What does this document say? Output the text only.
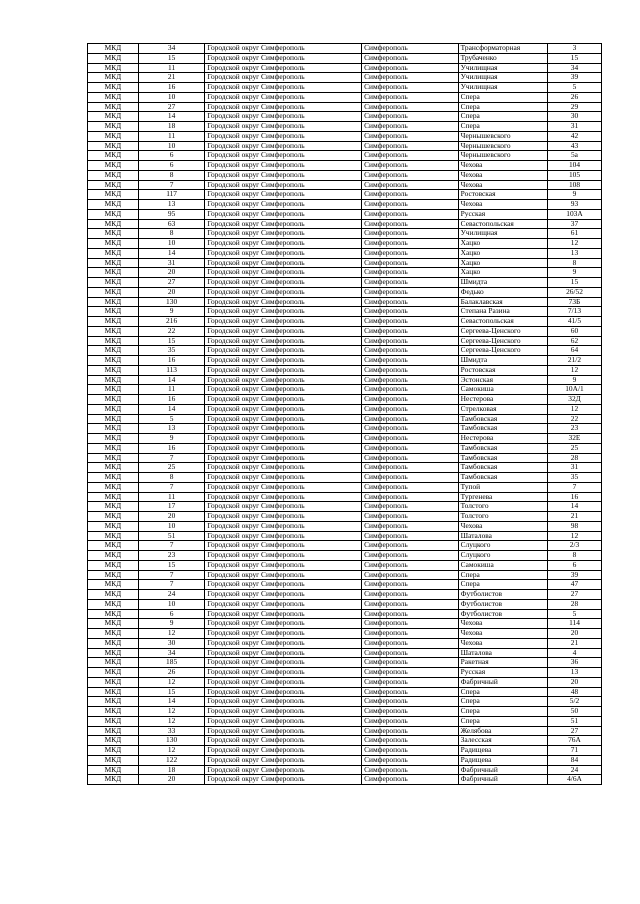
МКД	34	Городской округ Симферополь	Симферополь	Трансформаторная	3
МКД	15	Городской округ Симферополь	Симферополь	Трубаченко	15
МКД	11	Городской округ Симферополь	Симферополь	Училищная	34
МКД	21	Городской округ Симферополь	Симферополь	Училищная	39
МКД	16	Городской округ Симферополь	Симферополь	Училищная	5
МКД	10	Городской округ Симферополь	Симферополь	Спера	26
МКД	27	Городской округ Симферополь	Симферополь	Спера	29
МКД	14	Городской округ Симферополь	Симферополь	Спера	30
МКД	18	Городской округ Симферополь	Симферополь	Спера	31
МКД	11	Городской округ Симферополь	Симферополь	Чернышевского	42
МКД	10	Городской округ Симферополь	Симферополь	Чернышевского	43
МКД	6	Городской округ Симферополь	Симферополь	Чернышевского	5а
МКД	6	Городской округ Симферополь	Симферополь	Чехова	104
МКД	8	Городской округ Симферополь	Симферополь	Чехова	105
МКД	7	Городской округ Симферополь	Симферополь	Чехова	108
МКД	117	Городской округ Симферополь	Симферополь	Ростовская	9
МКД	13	Городской округ Симферополь	Симферополь	Чехова	93
МКД	95	Городской округ Симферополь	Симферополь	Русская	103А
МКД	63	Городской округ Симферополь	Симферополь	Севастопольская	37
МКД	8	Городской округ Симферополь	Симферополь	Училищная	61
МКД	10	Городской округ Симферополь	Симферополь	Хацко	12
МКД	14	Городской округ Симферополь	Симферополь	Хацко	13
МКД	31	Городской округ Симферополь	Симферополь	Хацко	8
МКД	20	Городской округ Симферополь	Симферополь	Хацко	9
МКД	27	Городской округ Симферополь	Симферополь	Шмидта	15
МКД	20	Городской округ Симферополь	Симферополь	Федько	26/52
МКД	130	Городской округ Симферополь	Симферополь	Балаклавская	73Б
МКД	9	Городской округ Симферополь	Симферополь	Степана Разина	7/13
МКД	216	Городской округ Симферополь	Симферополь	Севастопольская	41/5
МКД	22	Городской округ Симферополь	Симферополь	Сергеева-Ценского	60
МКД	15	Городской округ Симферополь	Симферополь	Сергеева-Ценского	62
МКД	35	Городской округ Симферополь	Симферополь	Сергеева-Ценского	64
МКД	16	Городской округ Симферополь	Симферополь	Шмидта	21/2
МКД	113	Городской округ Симферополь	Симферополь	Ростовская	12
МКД	14	Городской округ Симферополь	Симферополь	Эстонская	9
МКД	11	Городской округ Симферополь	Симферополь	Самокиша	10А/1
МКД	16	Городской округ Симферополь	Симферополь	Нестерова	32Д
МКД	14	Городской округ Симферополь	Симферополь	Стрелковая	12
МКД	5	Городской округ Симферополь	Симферополь	Тамбовская	22
МКД	13	Городской округ Симферополь	Симферополь	Тамбовская	23
МКД	9	Городской округ Симферополь	Симферополь	Нестерова	32Е
МКД	16	Городской округ Симферополь	Симферополь	Тамбовская	25
МКД	7	Городской округ Симферополь	Симферополь	Тамбовская	28
МКД	25	Городской округ Симферополь	Симферополь	Тамбовская	31
МКД	8	Городской округ Симферополь	Симферополь	Тамбовская	35
МКД	7	Городской округ Симферополь	Симферополь	Тупой	7
МКД	11	Городской округ Симферополь	Симферополь	Тургенева	16
МКД	17	Городской округ Симферополь	Симферополь	Толстого	14
МКД	20	Городской округ Симферополь	Симферополь	Толстого	21
МКД	10	Городской округ Симферополь	Симферополь	Чехова	98
МКД	51	Городской округ Симферополь	Симферополь	Шаталова	12
МКД	7	Городской округ Симферополь	Симферополь	Слуцкого	2/3
МКД	23	Городской округ Симферополь	Симферополь	Слуцкого	8
МКД	15	Городской округ Симферополь	Симферополь	Самокиша	6
МКД	7	Городской округ Симферополь	Симферополь	Спера	39
МКД	7	Городской округ Симферополь	Симферополь	Спера	47
МКД	24	Городской округ Симферополь	Симферополь	Футболистов	27
МКД	10	Городской округ Симферополь	Симферополь	Футболистов	28
МКД	6	Городской округ Симферополь	Симферополь	Футболистов	5
МКД	9	Городской округ Симферополь	Симферополь	Чехова	114
МКД	12	Городской округ Симферополь	Симферополь	Чехова	20
МКД	30	Городской округ Симферополь	Симферополь	Чехова	21
МКД	34	Городской округ Симферополь	Симферополь	Шаталова	4
МКД	185	Городской округ Симферополь	Симферополь	Ракетная	36
МКД	26	Городской округ Симферополь	Симферополь	Русская	13
МКД	12	Городской округ Симферополь	Симферополь	Фабричный	20
МКД	15	Городской округ Симферополь	Симферополь	Спера	48
МКД	14	Городской округ Симферополь	Симферополь	Спера	5/2
МКД	12	Городской округ Симферополь	Симферополь	Спера	50
МКД	12	Городской округ Симферополь	Симферополь	Спера	51
МКД	33	Городской округ Симферополь	Симферополь	Желябова	27
МКД	130	Городской округ Симферополь	Симферополь	Залесская	76А
МКД	12	Городской округ Симферополь	Симферополь	Радищева	71
МКД	122	Городской округ Симферополь	Симферополь	Радищева	84
МКД	18	Городской округ Симферополь	Симферополь	Фабричный	24
МКД	20	Городской округ Симферополь	Симферополь	Фабричный	4/6А
